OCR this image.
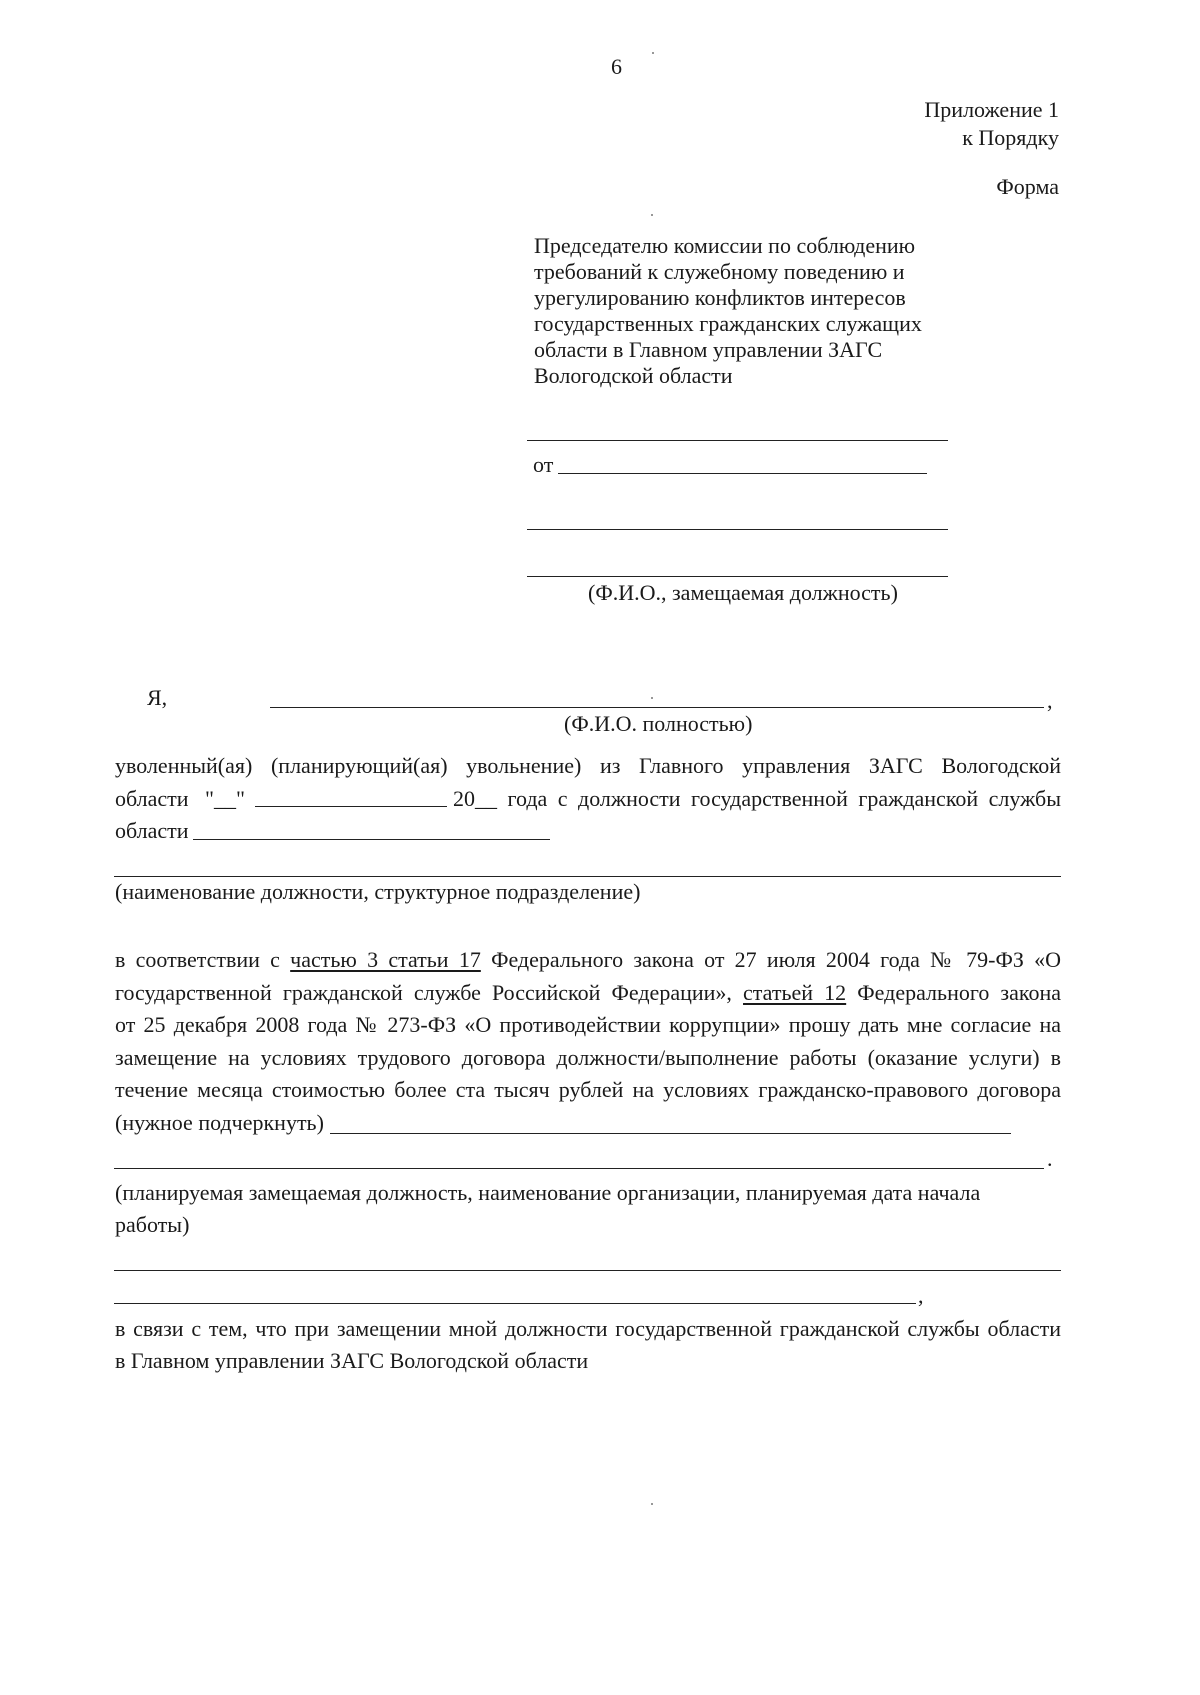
6
Приложение 1
к Порядку
Форма
Председателю комиссии по соблюдению
требований к служебному поведению и
урегулированию конфликтов интересов
государственных гражданских служащих
области в Главном управлении ЗАГС
Вологодской области
от
(Ф.И.О., замещаемая должность)
Я,	,
(Ф.И.О. полностью)
уволенный(ая) (планирующий(ая) увольнение) из Главного управления ЗАГС Вологодской
области "__"	20__ года с должности государственной гражданской службы
области
(наименование должности, структурное подразделение)
в соответствии с частью 3 статьи 17 Федерального закона от 27 июля 2004 года № 79-ФЗ «О
государственной гражданской службе Российской Федерации», статьей 12 Федерального закона
от 25 декабря 2008 года № 273-ФЗ «О противодействии коррупции» прошу дать мне согласие на
замещение на условиях трудового договора должности/выполнение работы (оказание услуги) в
течение месяца стоимостью более ста тысяч рублей на условиях гражданско-правового договора
(нужное подчеркнуть)
.
(планируемая замещаемая должность, наименование организации, планируемая дата начала
работы)
,
в связи с тем, что при замещении мной должности государственной гражданской службы области
в Главном управлении ЗАГС Вологодской области
